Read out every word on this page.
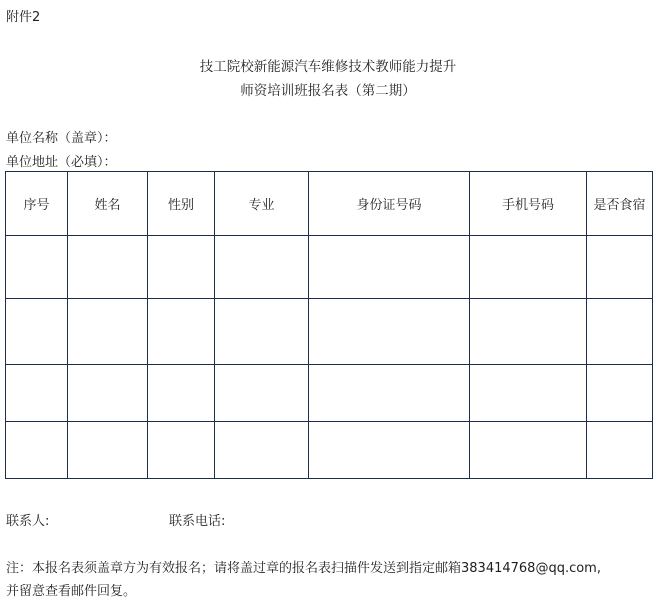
附件2
技工院校新能源汽车维修技术教师能力提升
师资培训班报名表（第二期）
单位名称（盖章）：
单位地址（必填）：
序号	姓名	性别	专业	身份证号码	手机号码	是否食宿

联系人:	联系电话:
注：本报名表须盖章方为有效报名；请将盖过章的报名表扫描件发送到指定邮箱383414768@qq.com,
并留意查看邮件回复。
